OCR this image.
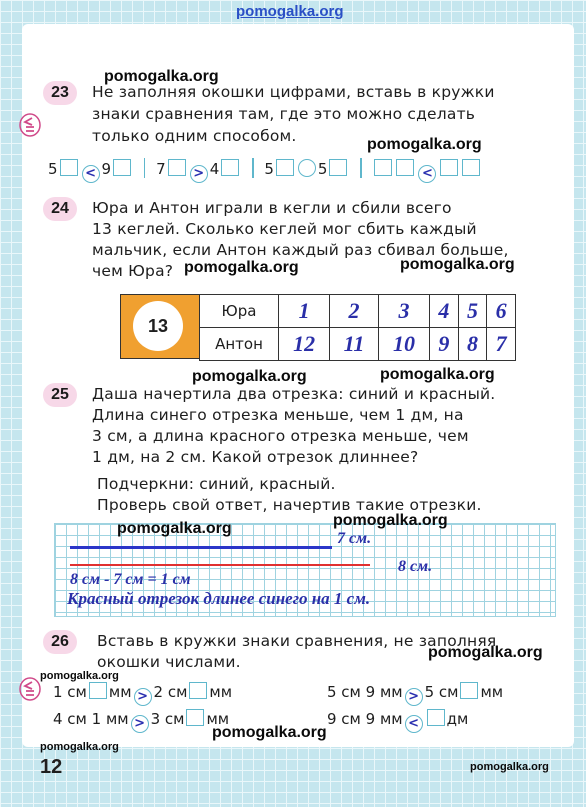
pomogalka.org
23	Не заполняя окошки цифрами, вставь в кружки
знаки сравнения там, где это можно сделать
только одним способом.
5 < 9	7 > 4	5	5	<
pomogalka.org
pomogalka.org
24	Юра и Антон играли в кегли и сбили всего
13 кеглей. Сколько кеглей мог сбить каждый
мальчик, если Антон каждый раз сбивал больше,
чем Юра? pomogalka.org	pomogalka.org
13
Юра	1	2	3	4	5	6
Антон	12	11	10	9	8	7
pomogalka.org	pomogalka.org
25	Даша начертила два отрезка: синий и красный.
Длина синего отрезка меньше, чем 1 дм, на
3 см, а длина красного отрезка меньше, чем
1 дм, на 2 см. Какой отрезок длиннее?
Подчеркни: синий, красный.
Проверь свой ответ, начертив такие отрезки.
pomogalka.org	pomogalka.org
7 см.
8 см.
8 см - 7 см = 1 см
Красный отрезок длинее синего на 1 см.
26	Вставь в кружки знаки сравнения, не заполняя
окошки числами.
pomogalka.org
pomogalka.org
1 см мм > 2 см мм
4 см 1 мм > 3 см мм
5 см 9 мм > 5 см мм
9 см 9 мм < дм
pomogalka.org
pomogalka.org
12	pomogalka.org
